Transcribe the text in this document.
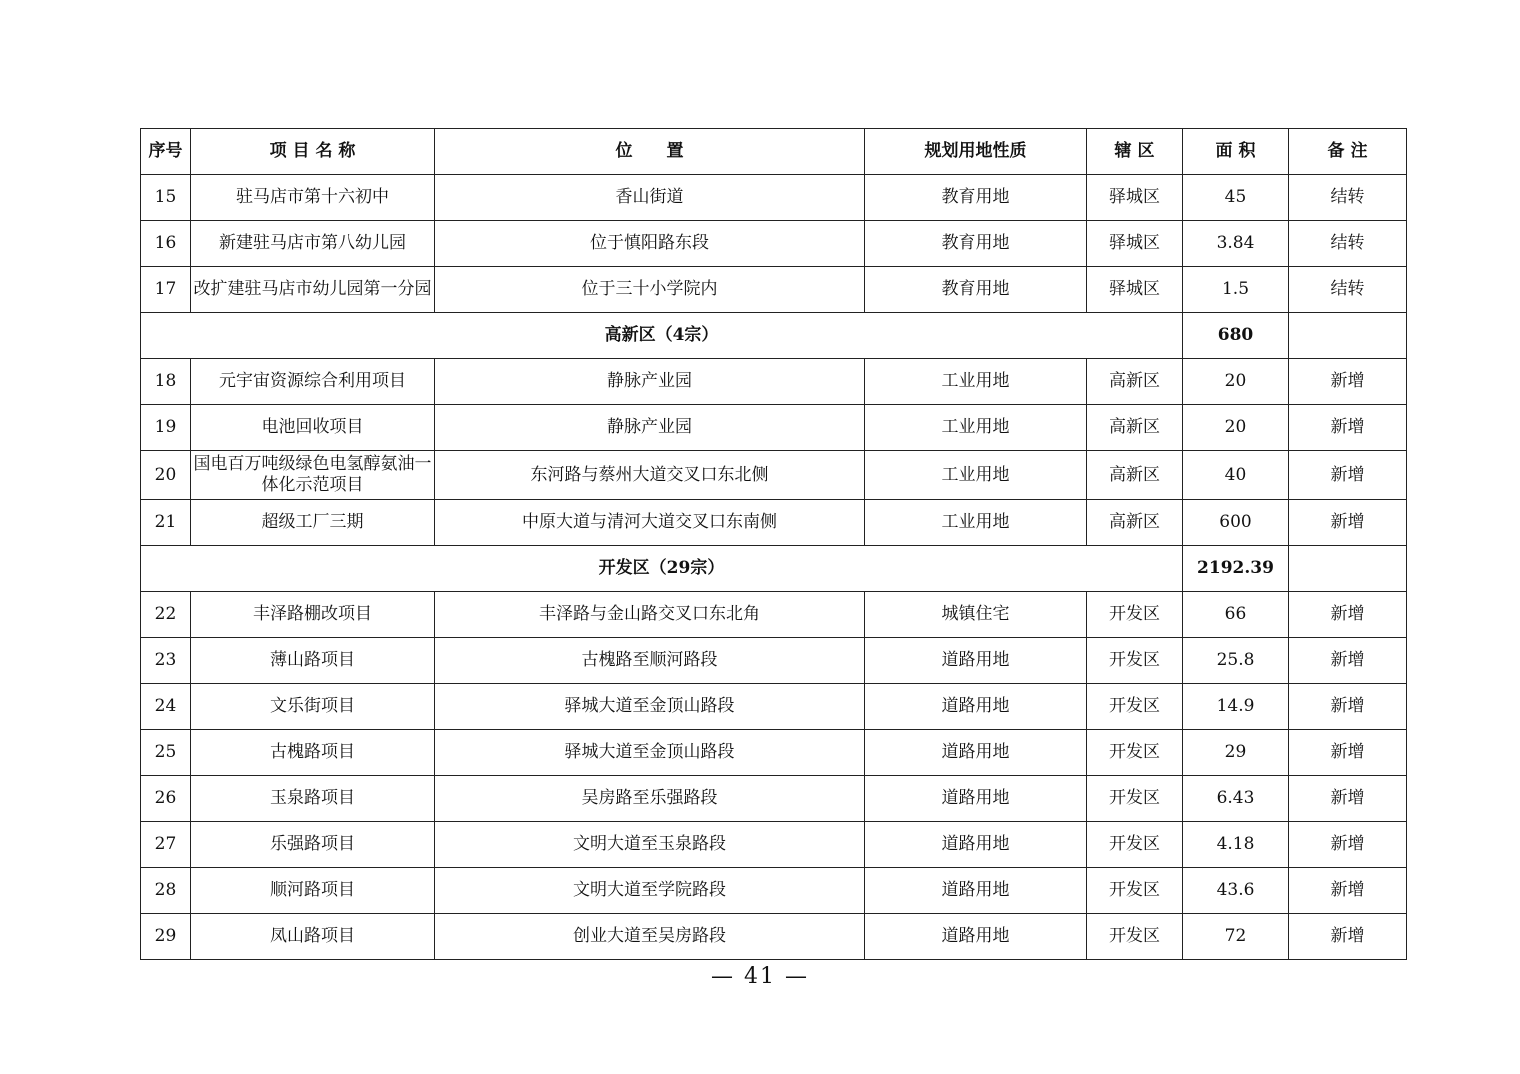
序号	项 目 名 称	位　　置	规划用地性质	辖 区	面 积	备 注
15	驻马店市第十六初中	香山街道	教育用地	驿城区	45	结转
16	新建驻马店市第八幼儿园	位于慎阳路东段	教育用地	驿城区	3.84	结转
17	改扩建驻马店市幼儿园第一分园	位于三十小学院内	教育用地	驿城区	1.5	结转
高新区（4宗）					680	
18	元宇宙资源综合利用项目	静脉产业园	工业用地	高新区	20	新增
19	电池回收项目	静脉产业园	工业用地	高新区	20	新增
20	国电百万吨级绿色电氢醇氨油一体化示范项目	东河路与蔡州大道交叉口东北侧	工业用地	高新区	40	新增
21	超级工厂三期	中原大道与清河大道交叉口东南侧	工业用地	高新区	600	新增
开发区（29宗）					2192.39	
22	丰泽路棚改项目	丰泽路与金山路交叉口东北角	城镇住宅	开发区	66	新增
23	薄山路项目	古槐路至顺河路段	道路用地	开发区	25.8	新增
24	文乐街项目	驿城大道至金顶山路段	道路用地	开发区	14.9	新增
25	古槐路项目	驿城大道至金顶山路段	道路用地	开发区	29	新增
26	玉泉路项目	吴房路至乐强路段	道路用地	开发区	6.43	新增
27	乐强路项目	文明大道至玉泉路段	道路用地	开发区	4.18	新增
28	顺河路项目	文明大道至学院路段	道路用地	开发区	43.6	新增
29	凤山路项目	创业大道至吴房路段	道路用地	开发区	72	新增
— 41 —
